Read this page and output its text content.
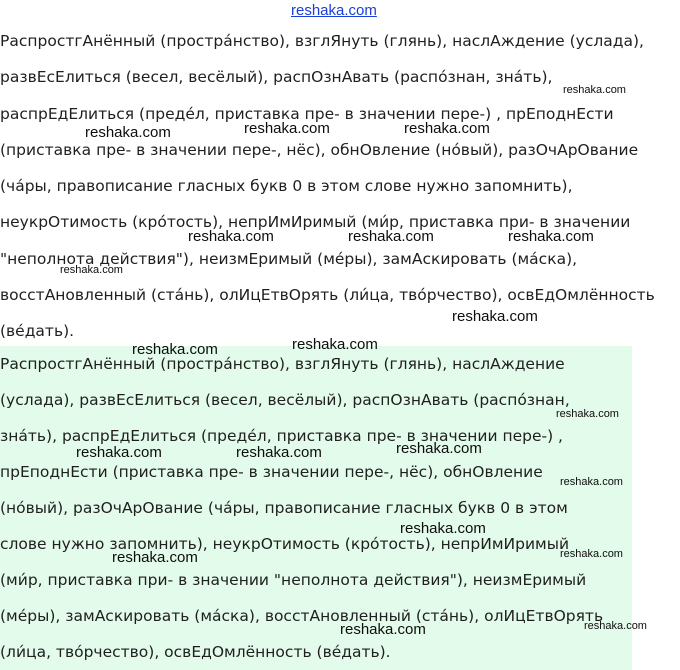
reshaka.com
РаспростгАнённый (простра́нство), взглЯнуть (глянь), наслАждение (услада),
развЕсЕлиться (весел, весёлый), распОзнАвать (распо́знан, зна́ть),
распрЕдЕлиться (преде́л, приставка пре- в значении пере-) , прЕподнЕсти
(приставка пре- в значении пере-, нёс), обнОвление (но́вый), разОчАрОвание
(ча́ры, правописание гласных букв 0 в этом слове нужно запомнить),
неукрОтимость (кро́тость), непрИмИримый (ми́р, приставка при- в значении
"неполнота действия"), неизмЕримый (ме́ры), замАскировать (ма́ска),
восстАновленный (ста́нь), олИцЕтвОрять (ли́ца, тво́рчество), освЕдОмлённость
(ве́дать).
РаспростгАнённый (простра́нство), взглЯнуть (глянь), наслАждение
(услада), развЕсЕлиться (весел, весёлый), распОзнАвать (распо́знан,
зна́ть), распрЕдЕлиться (преде́л, приставка пре- в значении пере-) ,
прЕподнЕсти (приставка пре- в значении пере-, нёс), обнОвление
(но́вый), разОчАрОвание (ча́ры, правописание гласных букв 0 в этом
слове нужно запомнить), неукрОтимость (кро́тость), непрИмИримый
(ми́р, приставка при- в значении "неполнота действия"), неизмЕримый
(ме́ры), замАскировать (ма́ска), восстАновленный (ста́нь), олИцЕтвОрять
(ли́ца, тво́рчество), освЕдОмлённость (ве́дать).
reshaka.com
reshaka.com	reshaka.com	reshaka.com
reshaka.com	reshaka.com	reshaka.com
reshaka.com
reshaka.com
reshaka.com
reshaka.com
reshaka.com
reshaka.com
reshaka.com	reshaka.com
reshaka.com
reshaka.com
reshaka.com
reshaka.com
reshaka.com	reshaka.com
